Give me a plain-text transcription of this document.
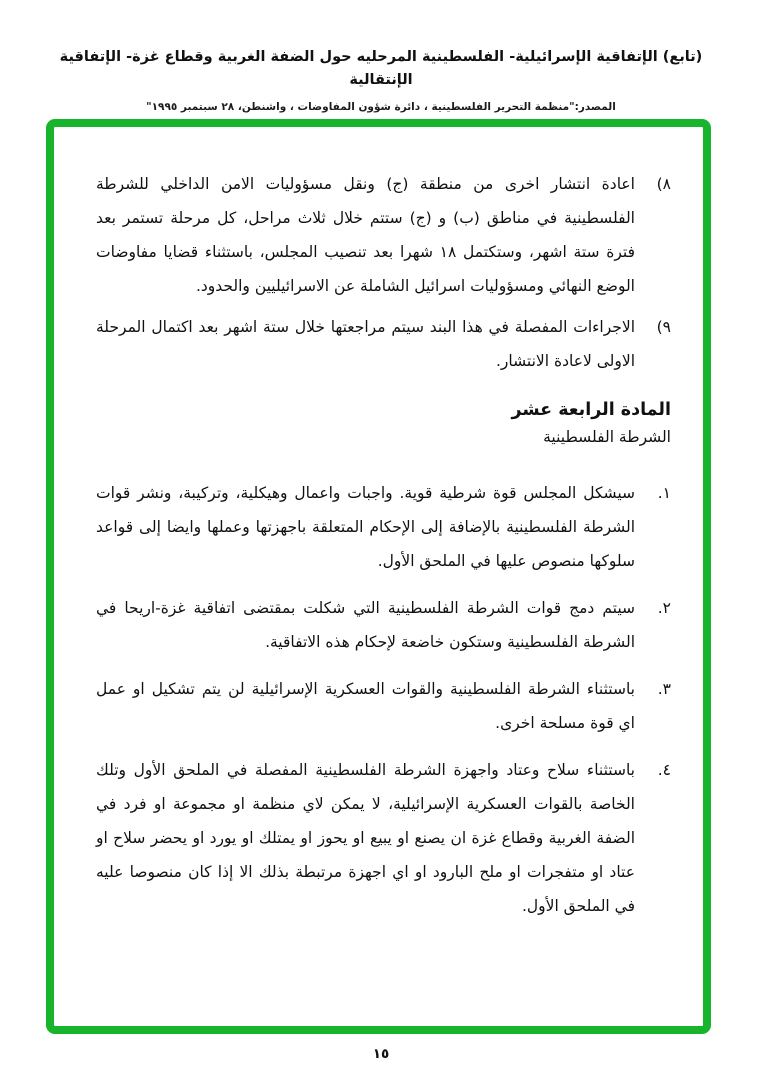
(تابع) الإتفاقية الإسرائيلية- الفلسطينية المرحليه حول الضفة الغربية وقطاع غزة- الإتفاقية الإنتقالية
المصدر:"منظمة التحرير الفلسطينية ، دائرة شؤون المفاوضات ، واشنطن، ٢٨ سبتمبر ١٩٩٥"
٨)
اعادة انتشار اخرى من منطقة (ج) ونقل مسؤوليات الامن الداخلي للشرطة الفلسطينية في مناطق (ب) و (ج) ستتم خلال ثلاث مراحل، كل مرحلة تستمر بعد فترة ستة اشهر، وستكتمل ١٨ شهرا بعد تنصيب المجلس، باستثناء قضايا مفاوضات الوضع النهائي ومسؤوليات اسرائيل الشاملة عن الاسرائيليين والحدود.
٩)
الاجراءات المفصلة في هذا البند سيتم مراجعتها خلال ستة اشهر بعد اكتمال المرحلة الاولى لاعادة الانتشار.
المادة الرابعة عشر
الشرطة الفلسطينية
١.
سيشكل المجلس قوة شرطية قوية. واجبات واعمال وهيكلية، وتركيبة، ونشر قوات الشرطة الفلسطينية بالإضافة إلى الإحكام المتعلقة باجهزتها وعملها وايضا إلى قواعد سلوكها منصوص عليها في الملحق الأول.
٢.
سيتم دمج قوات الشرطة الفلسطينية التي شكلت بمقتضى اتفاقية غزة-اريحا في الشرطة الفلسطينية وستكون خاضعة لإحكام هذه الاتفاقية.
٣.
باستثناء الشرطة الفلسطينية والقوات العسكرية الإسرائيلية لن يتم تشكيل او عمل اي قوة مسلحة اخرى.
٤.
باستثناء سلاح وعتاد واجهزة الشرطة الفلسطينية المفصلة في الملحق الأول وتلك الخاصة بالقوات العسكرية الإسرائيلية، لا يمكن لاي منظمة او مجموعة او فرد في الضفة الغربية وقطاع غزة ان يصنع او يبيع او يحوز او يمتلك او يورد او يحضر سلاح او عتاد او متفجرات او ملح البارود او اي اجهزة مرتبطة بذلك الا إذا كان منصوصا عليه في الملحق الأول.
١٥
